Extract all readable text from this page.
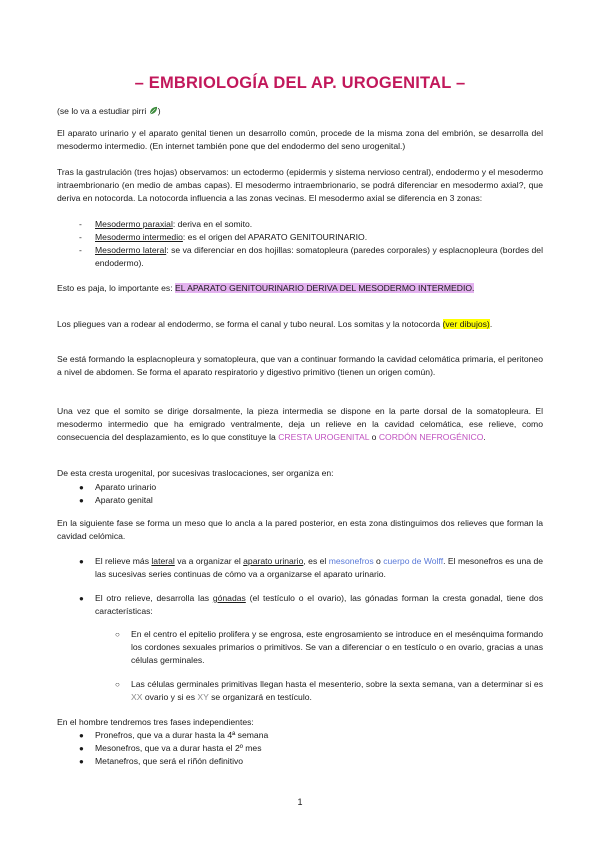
– EMBRIOLOGÍA DEL AP. UROGENITAL –
(se lo va a estudiar pirri )
El aparato urinario y el aparato genital tienen un desarrollo común, procede de la misma zona del embrión, se desarrolla del mesodermo intermedio. (En internet también pone que del endodermo del seno urogenital.)
Tras la gastrulación (tres hojas) observamos: un ectodermo (epidermis y sistema nervioso central), endodermo y el mesodermo intraembrionario (en medio de ambas capas). El mesodermo intraembrionario, se podrá diferenciar en mesodermo axial?, que deriva en notocorda. La notocorda influencia a las zonas vecinas. El mesodermo axial se diferencia en 3 zonas:
- Mesodermo paraxial: deriva en el somito.
- Mesodermo intermedio: es el origen del APARATO GENITOURINARIO.
- Mesodermo lateral: se va diferenciar en dos hojillas: somatopleura (paredes corporales) y esplacnopleura (bordes del endodermo).
Esto es paja, lo importante es: EL APARATO GENITOURINARIO DERIVA DEL MESODERMO INTERMEDIO.
Los pliegues van a rodear al endodermo, se forma el canal y tubo neural. Los somitas y la notocorda (ver dibujos).
Se está formando la esplacnopleura y somatopleura, que van a continuar formando la cavidad celomática primaria, el peritoneo a nivel de abdomen. Se forma el aparato respiratorio y digestivo primitivo (tienen un origen común).
Una vez que el somito se dirige dorsalmente, la pieza intermedia se dispone en la parte dorsal de la somatopleura. El mesodermo intermedio que ha emigrado ventralmente, deja un relieve en la cavidad celomática, ese relieve, como consecuencia del desplazamiento, es lo que constituye la CRESTA UROGENITAL o CORDÓN NEFROGÉNICO.
De esta cresta urogenital, por sucesivas traslocaciones, ser organiza en:
● Aparato urinario
● Aparato genital
En la siguiente fase se forma un meso que lo ancla a la pared posterior, en esta zona distinguimos dos relieves que forman la cavidad celómica.
● El relieve más lateral va a organizar el aparato urinario, es el mesonefros o cuerpo de Wolff. El mesonefros es una de las sucesivas series continuas de cómo va a organizarse el aparato urinario.
● El otro relieve, desarrolla las gónadas (el testículo o el ovario), las gónadas forman la cresta gonadal, tiene dos características:
○ En el centro el epitelio prolifera y se engrosa, este engrosamiento se introduce en el mesénquima formando los cordones sexuales primarios o primitivos. Se van a diferenciar o en testículo o en ovario, gracias a unas células germinales.
○ Las células germinales primitivas llegan hasta el mesenterio, sobre la sexta semana, van a determinar si es XX ovario y si es XY se organizará en testículo.
En el hombre tendremos tres fases independientes:
● Pronefros, que va a durar hasta la 4ª semana
● Mesonefros, que va a durar hasta el 2º mes
● Metanefros, que será el riñón definitivo
1
